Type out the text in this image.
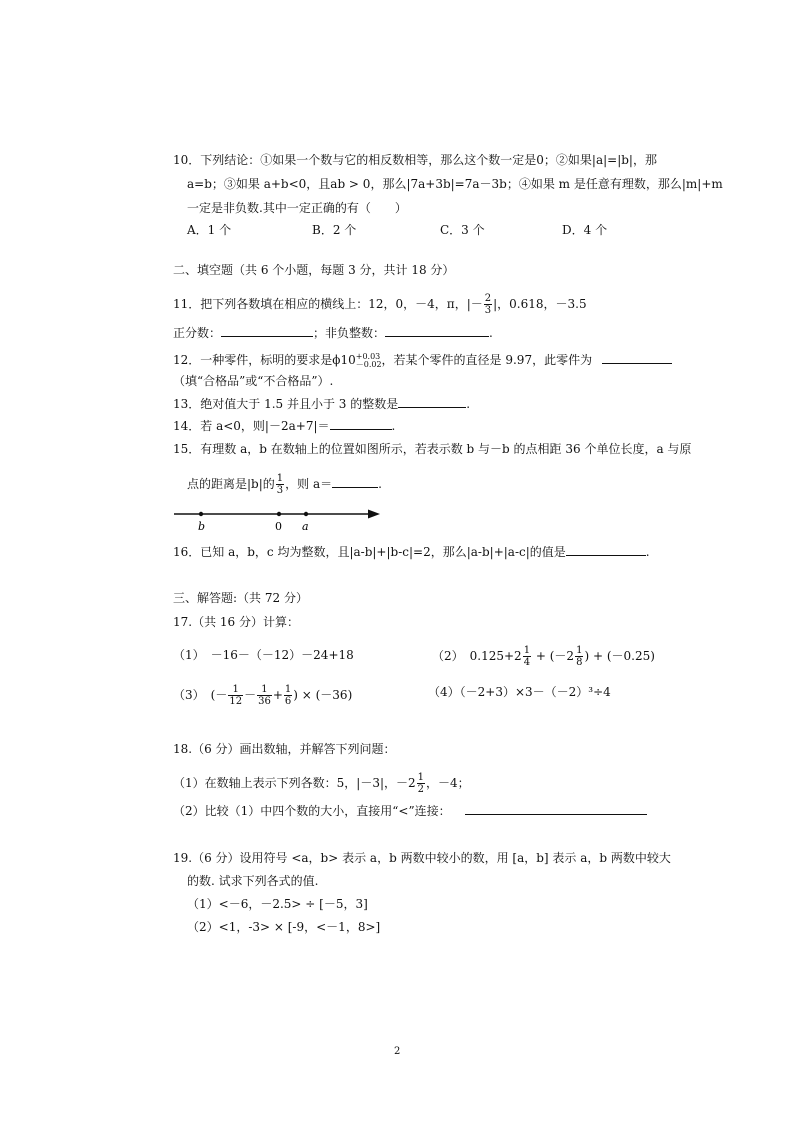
10．下列结论：①如果一个数与它的相反数相等，那么这个数一定是0；②如果|a|=|b|，那
a=b；③如果 a+b<0，且ab > 0，那么|7a+3b|=7a－3b；④如果 m 是任意有理数，那么|m|+m
一定是非负数.其中一定正确的有（　　）
A．1 个	B．2 个	C．3 个	D．4 个
二、填空题（共 6 个小题，每题 3 分，共计 18 分）
11．把下列各数填在相应的横线上：12，0，－4，π，|－ $\frac{2}{3}$ |，0.618，－3.5
正分数：	；非负整数：	.
12．一种零件，标明的要求是ϕ10 +0.03
－0.02 ，若某个零件的直径是 9.97，此零件为
（填“合格品”或“不合格品”）.
13．绝对值大于 1.5 并且小于 3 的整数是	.
14．若 a<0，则|－2a+7|＝	.
15．有理数 a，b 在数轴上的位置如图所示，若表示数 b 与－b 的点相距 36 个单位长度，a 与原
点的距离是|b|的 $\frac{1}{3}$ ，则 a＝	.
b	0 a
16．已知 a，b，c 均为整数，且|a-b|+|b-c|=2，那么|a-b|+|a-c|的值是	.
三、解答题:（共 72 分）
17.（共 16 分）计算：
（1）　－16－（－12）－24+18	（2）　$0.125+2 \frac{1}{4} + (-2 \frac{1}{8}$ ) + (－0.25)
（3）　(－ $\frac{1}{12} - \frac{1}{36} + \frac{1}{6}$ ) × (－36)	（4）（－2+3）×3－（－2）³÷4
18.（6 分）画出数轴，并解答下列问题：
（1）在数轴上表示下列各数：5，|－3|，$-2 \frac{1}{2}$ ，－4；
（2）比较（1）中四个数的大小，直接用“<”连接：
19.（6 分）设用符号 <a，b> 表示 a，b 两数中较小的数，用 [a，b] 表示 a，b 两数中较大
的数. 试求下列各式的值.
（1）<－6，－2.5> ÷ [－5，3]
（2）<1，-3> × [-9，<－1，8>]
2
